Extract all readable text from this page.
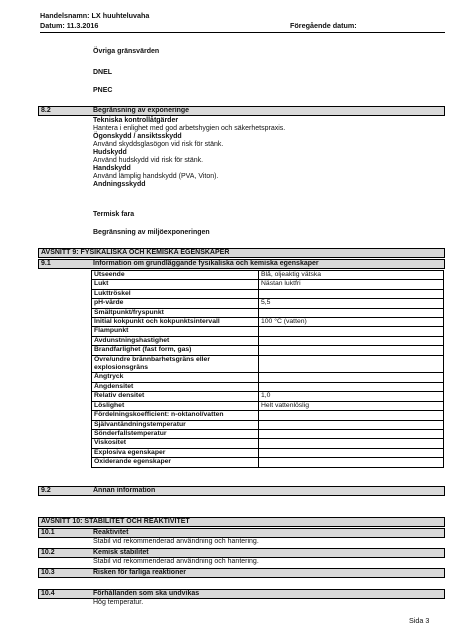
Handelsnamn: LX huuhteluvaha
Datum: 11.3.2016	Föregående datum:
Övriga gränsvärden
DNEL
PNEC
8.2	Begränsning av exponeringe
Tekniska kontrollåtgärder
Hantera i enlighet med god arbetshygien och säkerhetspraxis.
Ögonskydd / ansiktsskydd
Använd skyddsglasögon vid risk för stänk.
Hudskydd
Använd hudskydd vid risk för stänk.
Handskydd
Använd lämplig handskydd (PVA, Viton).
Andningsskydd
Termisk fara
Begränsning av miljöexponeringen
AVSNITT 9: FYSIKALISKA OCH KEMISKA EGENSKAPER
9.1	Information om grundläggande fysikaliska och kemiska egenskaper
Utseende	Blå, oljeaktig vätska
Lukt	Nästan luktfri
Lukttröskel	
pH-värde	5,5
Smältpunkt/fryspunkt	
Initial kokpunkt och kokpunktsintervall	100 °C (vatten)
Flampunkt	
Avdunstningshastighet	
Brandfarlighet (fast form, gas)	
Övre/undre brännbarhetsgräns eller explosionsgräns	
Ångtryck	
Ångdensitet	
Relativ densitet	1,0
Löslighet	Helt vattenlöslig
Fördelningskoefficient: n-oktanol/vatten	
Självantändningstemperatur	
Sönderfallstemperatur	
Viskositet	
Explosiva egenskaper	
Oxiderande egenskaper	
9.2	Annan information
AVSNITT 10: STABILITET OCH REAKTIVITET
10.1	Reaktivitet
Stabil vid rekommenderad användning och hantering.
10.2	Kemisk stabilitet
Stabil vid rekommenderad användning och hantering.
10.3	Risken för farliga reaktioner
10.4	Förhållanden som ska undvikas
Hög temperatur.
Sida 3
